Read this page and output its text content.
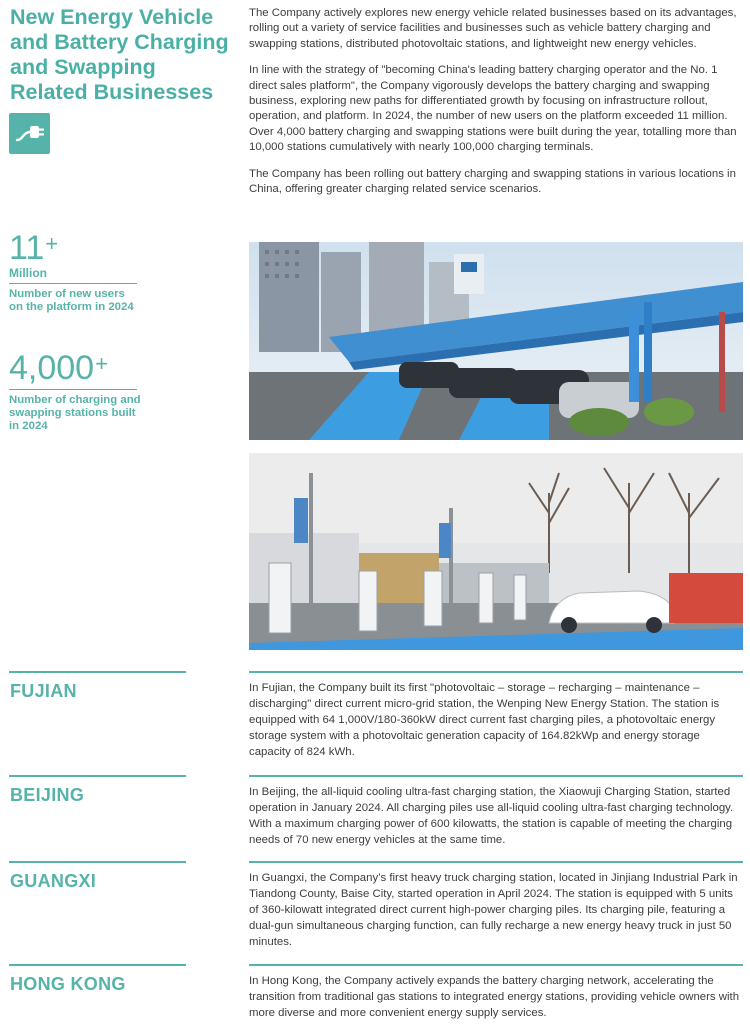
New Energy Vehicle
and Battery Charging
and Swapping
Related Businesses

The Company actively explores new energy vehicle related businesses based on its advantages, rolling out a variety of service facilities and businesses such as vehicle battery charging and swapping stations, distributed photovoltaic stations, and lightweight new energy vehicles.

In line with the strategy of "becoming China's leading battery charging operator and the No. 1 direct sales platform", the Company vigorously develops the battery charging and swapping business, exploring new paths for differentiated growth by focusing on infrastructure rollout, operation, and platform. In 2024, the number of new users on the platform exceeded 11 million. Over 4,000 battery charging and swapping stations were built during the year, totalling more than 10,000 stations cumulatively with nearly 100,000 charging terminals.

The Company has been rolling out battery charging and swapping stations in various locations in China, offering greater charging related service scenarios.

11+
Million
Number of new users on the platform in 2024
4,000+
Number of charging and swapping stations built in 2024
FUJIAN	In Fujian, the Company built its first "photovoltaic – storage – recharging – maintenance – discharging" direct current micro-grid station, the Wenping New Energy Station. The station is equipped with 64 1,000V/180-360kW direct current fast charging piles, a photovoltaic energy storage system with a photovoltaic generation capacity of 164.82kWp and energy storage capacity of 824 kWh.

BEIJING	In Beijing, the all-liquid cooling ultra-fast charging station, the Xiaowuji Charging Station, started operation in January 2024. All charging piles use all-liquid cooling ultra-fast charging technology. With a maximum charging power of 600 kilowatts, the station is capable of meeting the charging needs of 70 new energy vehicles at the same time.

GUANGXI	In Guangxi, the Company’s first heavy truck charging station, located in Jinjiang Industrial Park in Tiandong County, Baise City, started operation in April 2024. The station is equipped with 5 units of 360-kilowatt integrated direct current high-power charging piles. Its charging pile, featuring a dual-gun simultaneous charging function, can fully recharge a new energy heavy truck in just 50 minutes.

HONG KONG	In Hong Kong, the Company actively expands the battery charging network, accelerating the transition from traditional gas stations to integrated energy stations, providing vehicle owners with more diverse and more convenient energy supply services.
